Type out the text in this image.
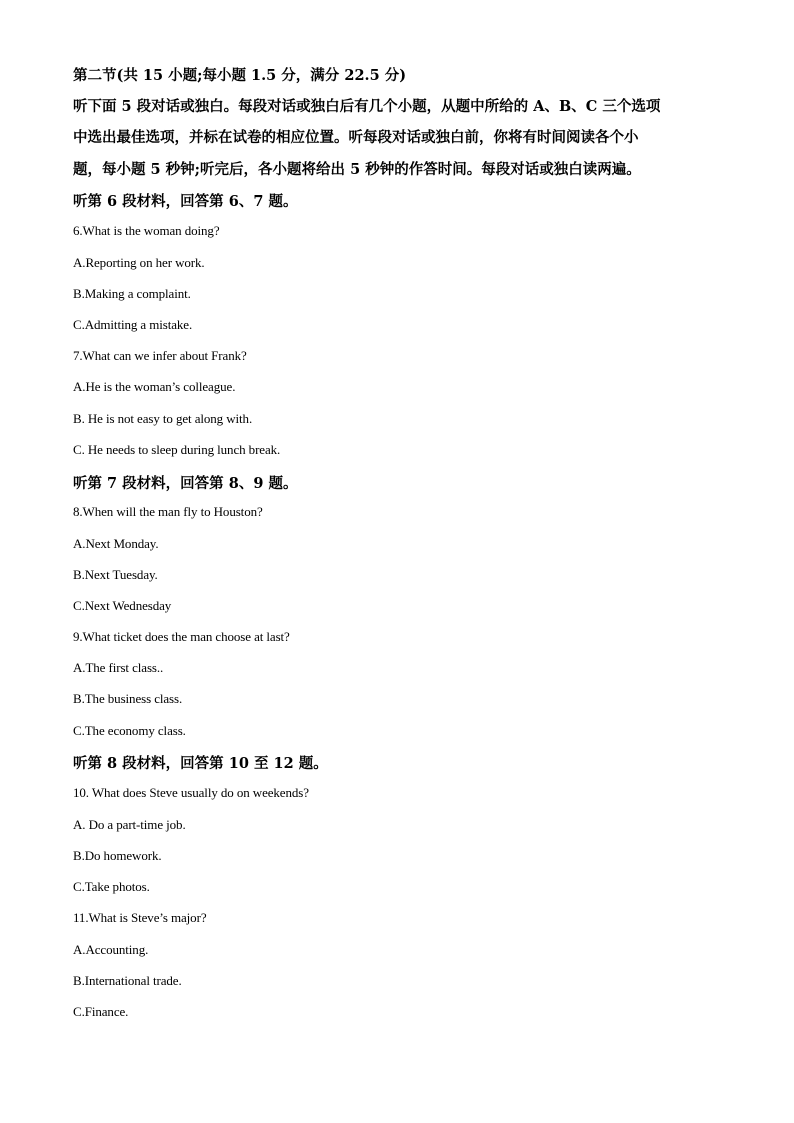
第二节(共 15 小题;每小题 1.5 分，满分 22.5 分)
听下面 5 段对话或独白。每段对话或独白后有几个小题，从题中所给的 A、B、C 三个选项
中选出最佳选项，并标在试卷的相应位置。听每段对话或独白前，你将有时间阅读各个小
题，每小题 5 秒钟;听完后，各小题将给出 5 秒钟的作答时间。每段对话或独白读两遍。
听第 6 段材料，回答第 6、7 题。
6.What is the woman doing?
A.Reporting on her work.
B.Making a complaint.
C.Admitting a mistake.
7.What can we infer about Frank?
A.He is the woman’s colleague.
B. He is not easy to get along with.
C. He needs to sleep during lunch break.
听第 7 段材料，回答第 8、9 题。
8.When will the man fly to Houston?
A.Next Monday.
B.Next Tuesday.
C.Next Wednesday
9.What ticket does the man choose at last?
A.The first class..
B.The business class.
C.The economy class.
听第 8 段材料，回答第 10 至 12 题。
10. What does Steve usually do on weekends?
A. Do a part-time job.
B.Do homework.
C.Take photos.
11.What is Steve’s major?
A.Accounting.
B.International trade.
C.Finance.
